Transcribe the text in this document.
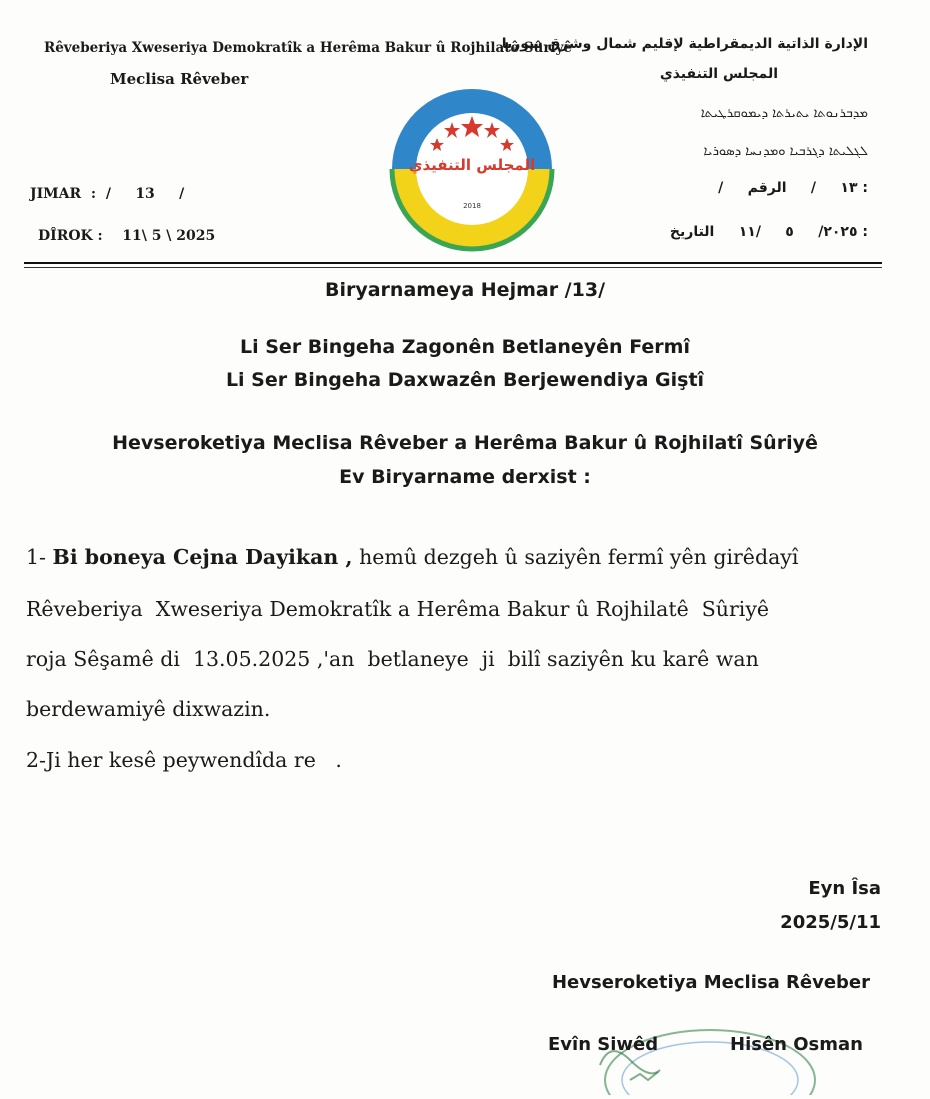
Rêveberiya Xweseriya Demokratîk a Herêma Bakur û Rojhilatê Sûriyê
Meclisa Rêveber
الإدارة الذاتية الديمقراطية لإقليم شمال وشرق سوريا
المجلس التنفيذي
ܡܕܒܪܢܘܬܐ ܝܬܝܪܬܐ ܕܝܡܘܩܪܛܝܬܐ
ܠܓܠܝܬܐ ܕܓܪܒܝܐ ܘܡܕܢܚܐ ܕܣܘܪܝܐ
JIMAR  :  /     13     /
DÎROK :    11\ 5 \ 2025
/     ١٣     /     الرقم :
٢٠٢٥/     ٥     /١١     التاريخ :
المجلس التنفيذي
2018
Biryarnameya Hejmar /13/
Li Ser Bingeha Zagonên Betlaneyên Fermî
Li Ser Bingeha Daxwazên Berjewendiya Giştî
Hevseroketiya Meclisa Rêveber a Herêma Bakur û Rojhilatî Sûriyê
Ev Biryarname derxist :
1- Bi boneya Cejna Dayikan , hemû dezgeh û saziyên fermî yên girêdayî
Rêveberiya  Xweseriya Demokratîk a Herêma Bakur û Rojhilatê  Sûriyê
roja Sêşamê di  13.05.2025 ,'an  betlaneye  ji  bilî saziyên ku karê wan
berdewamiyê dixwazin.
2-Ji her kesê peywendîda re   .
Eyn Îsa
2025/5/11
Hevseroketiya Meclisa Rêveber
Evîn Siwêd	Hisên Osman
